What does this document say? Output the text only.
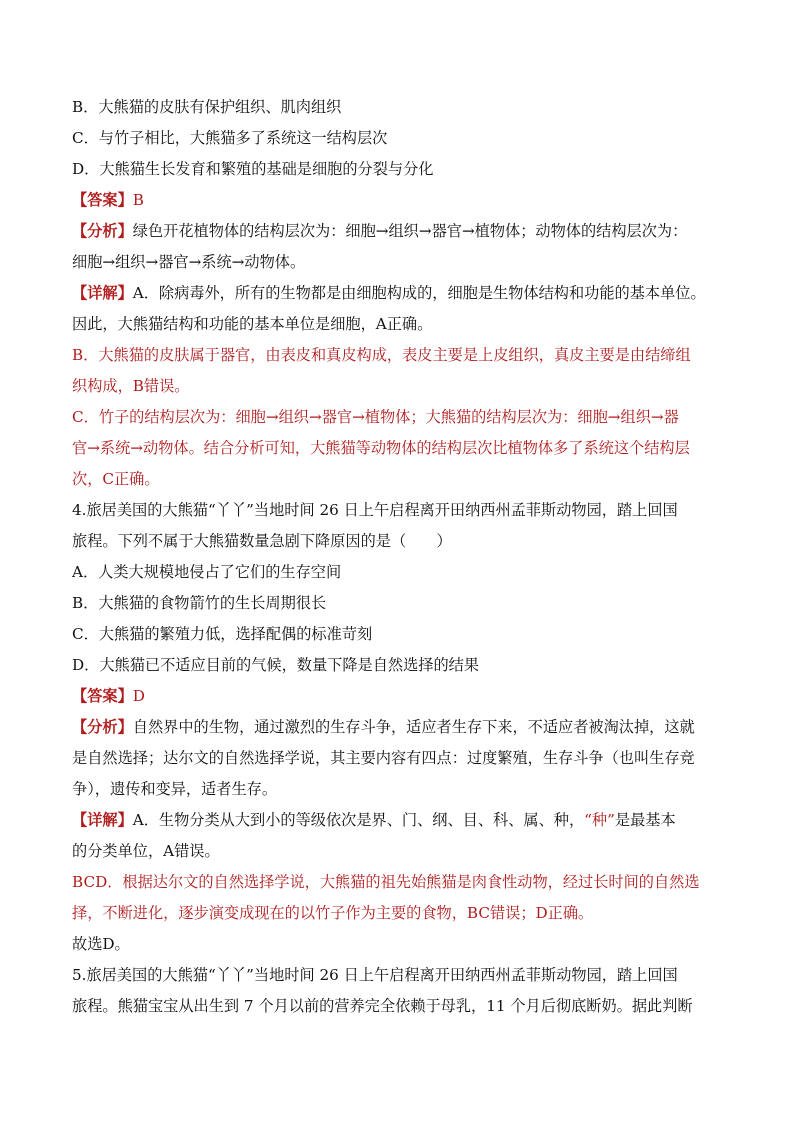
B．大熊猫的皮肤有保护组织、肌肉组织
C．与竹子相比，大熊猫多了系统这一结构层次
D．大熊猫生长发育和繁殖的基础是细胞的分裂与分化
【答案】B
【分析】绿色开花植物体的结构层次为：细胞→组织→器官→植物体；动物体的结构层次为：
细胞→组织→器官→系统→动物体。
【详解】A．除病毒外，所有的生物都是由细胞构成的，细胞是生物体结构和功能的基本单位。
因此，大熊猫结构和功能的基本单位是细胞，A正确。
B．大熊猫的皮肤属于器官，由表皮和真皮构成，表皮主要是上皮组织，真皮主要是由结缔组
织构成，B错误。
C．竹子的结构层次为：细胞→组织→器官→植物体；大熊猫的结构层次为：细胞→组织→器
官→系统→动物体。结合分析可知，大熊猫等动物体的结构层次比植物体多了系统这个结构层
次，C正确。
4.旅居美国的大熊猫“丫丫”当地时间 26 日上午启程离开田纳西州孟菲斯动物园，踏上回国
旅程。下列不属于大熊猫数量急剧下降原因的是（　　）
A．人类大规模地侵占了它们的生存空间
B．大熊猫的食物箭竹的生长周期很长
C．大熊猫的繁殖力低，选择配偶的标准苛刻
D．大熊猫已不适应目前的气候，数量下降是自然选择的结果
【答案】D
【分析】自然界中的生物，通过激烈的生存斗争，适应者生存下来，不适应者被淘汰掉，这就
是自然选择；达尔文的自然选择学说，其主要内容有四点：过度繁殖，生存斗争（也叫生存竞
争），遗传和变异，适者生存。
【详解】A．生物分类从大到小的等级依次是界、门、纲、目、科、属、种，“种”是最基本
的分类单位，A错误。
BCD．根据达尔文的自然选择学说，大熊猫的祖先始熊猫是肉食性动物，经过长时间的自然选
择，不断进化，逐步演变成现在的以竹子作为主要的食物，BC错误；D正确。
故选D。
5.旅居美国的大熊猫“丫丫”当地时间 26 日上午启程离开田纳西州孟菲斯动物园，踏上回国
旅程。熊猫宝宝从出生到 7 个月以前的营养完全依赖于母乳，11 个月后彻底断奶。据此判断
